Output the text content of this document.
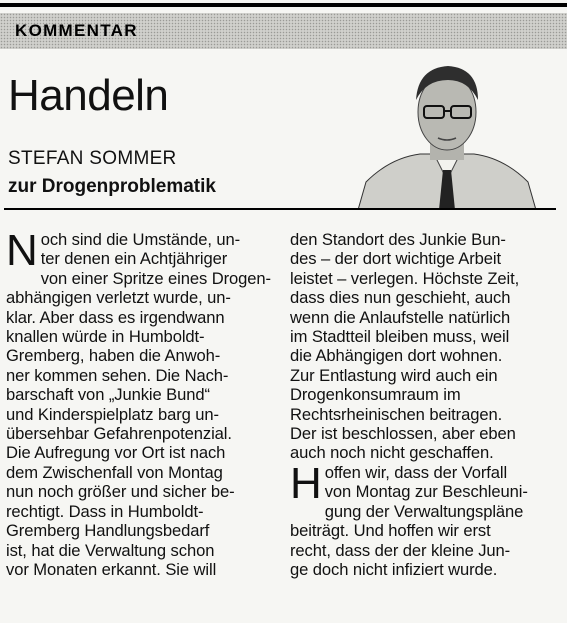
KOMMENTAR
Handeln
STEFAN SOMMER
zur Drogenproblematik
N och sind die Umstände, un-
ter denen ein Achtjähriger
von einer Spritze eines Drogen-
abhängigen verletzt wurde, un-
klar. Aber dass es irgendwann
knallen würde in Humboldt-
Gremberg, haben die Anwoh-
ner kommen sehen. Die Nach-
barschaft von „Junkie Bund“
und Kinderspielplatz barg un-
übersehbar Gefahrenpotenzial.
Die Aufregung vor Ort ist nach
dem Zwischenfall von Montag
nun noch größer und sicher be-
rechtigt. Dass in Humboldt-
Gremberg Handlungsbedarf
ist, hat die Verwaltung schon
vor Monaten erkannt. Sie will
den Standort des Junkie Bun-
des – der dort wichtige Arbeit
leistet – verlegen. Höchste Zeit,
dass dies nun geschieht, auch
wenn die Anlaufstelle natürlich
im Stadtteil bleiben muss, weil
die Abhängigen dort wohnen.
Zur Entlastung wird auch ein
Drogenkonsumraum im
Rechtsrheinischen beitragen.
Der ist beschlossen, aber eben
auch noch nicht geschaffen.
H offen wir, dass der Vorfall
von Montag zur Beschleuni-
gung der Verwaltungspläne
beiträgt. Und hoffen wir erst
recht, dass der der kleine Jun-
ge doch nicht infiziert wurde.
